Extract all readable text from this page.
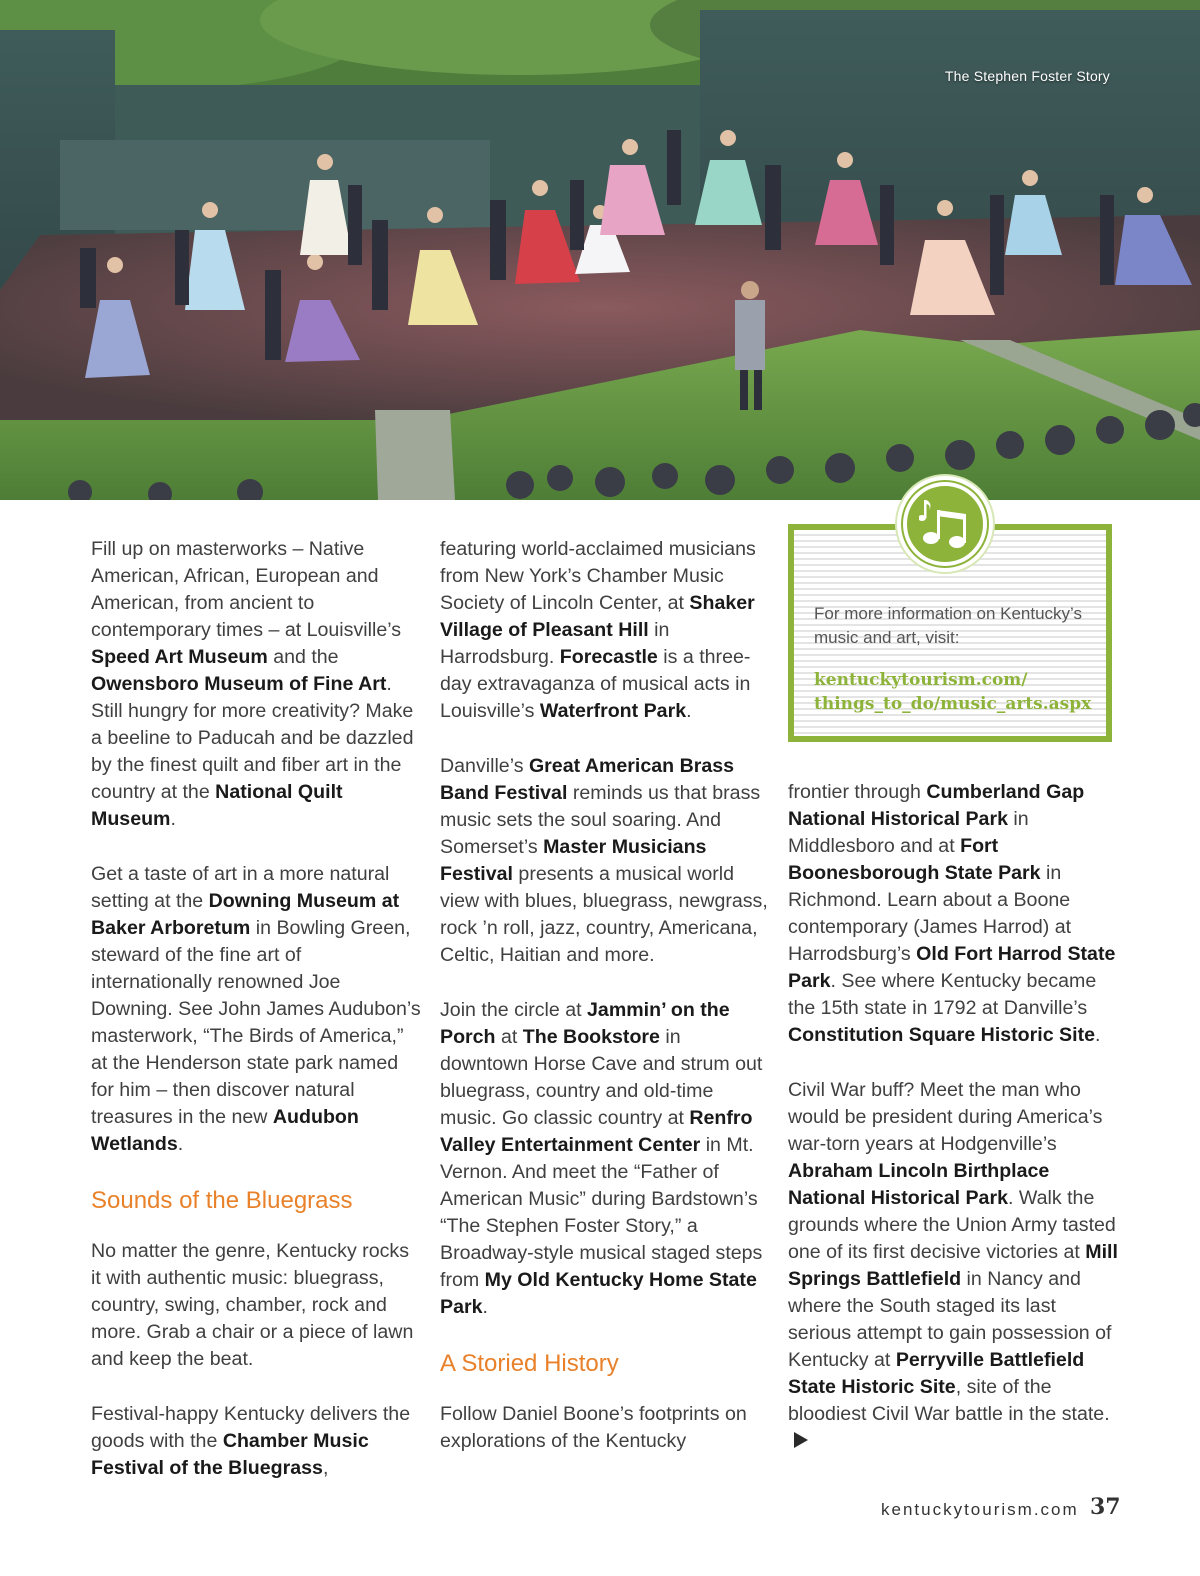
The Stephen Foster Story

Fill up on masterworks – Native American, African, European and American, from ancient to contemporary times – at Louisville’s Speed Art Museum and the Owensboro Museum of Fine Art. Still hungry for more creativity? Make a beeline to Paducah and be dazzled by the finest quilt and fiber art in the country at the National Quilt Museum.

Get a taste of art in a more natural setting at the Downing Museum at Baker Arboretum in Bowling Green, steward of the fine art of internationally renowned Joe Downing. See John James Audubon’s masterwork, “The Birds of America,” at the Henderson state park named for him – then discover natural treasures in the new Audubon Wetlands.

Sounds of the Bluegrass

No matter the genre, Kentucky rocks it with authentic music: bluegrass, country, swing, chamber, rock and more. Grab a chair or a piece of lawn and keep the beat.

Festival-happy Kentucky delivers the goods with the Chamber Music Festival of the Bluegrass,

featuring world-acclaimed musicians from New York’s Chamber Music Society of Lincoln Center, at Shaker Village of Pleasant Hill in Harrodsburg. Forecastle is a three-day extravaganza of musical acts in Louisville’s Waterfront Park.

Danville’s Great American Brass Band Festival reminds us that brass music sets the soul soaring. And Somerset’s Master Musicians Festival presents a musical world view with blues, bluegrass, newgrass, rock ’n roll, jazz, country, Americana, Celtic, Haitian and more.

Join the circle at Jammin’ on the Porch at The Bookstore in downtown Horse Cave and strum out bluegrass, country and old-time music. Go classic country at Renfro Valley Entertainment Center in Mt. Vernon. And meet the “Father of American Music” during Bardstown’s “The Stephen Foster Story,” a Broadway-style musical staged steps from My Old Kentucky Home State Park.

A Storied History

Follow Daniel Boone’s footprints on explorations of the Kentucky

For more information on Kentucky’s music and art, visit:

kentuckytourism.com/
things_to_do/music_arts.aspx

frontier through Cumberland Gap National Historical Park in Middlesboro and at Fort Boonesborough State Park in Richmond. Learn about a Boone contemporary (James Harrod) at Harrodsburg’s Old Fort Harrod State Park. See where Kentucky became the 15th state in 1792 at Danville’s Constitution Square Historic Site.

Civil War buff? Meet the man who would be president during America’s war-torn years at Hodgenville’s Abraham Lincoln Birthplace National Historical Park. Walk the grounds where the Union Army tasted one of its first decisive victories at Mill Springs Battlefield in Nancy and where the South staged its last serious attempt to gain possession of Kentucky at Perryville Battlefield State Historic Site, site of the bloodiest Civil War battle in the state.

kentuckytourism.com 37
